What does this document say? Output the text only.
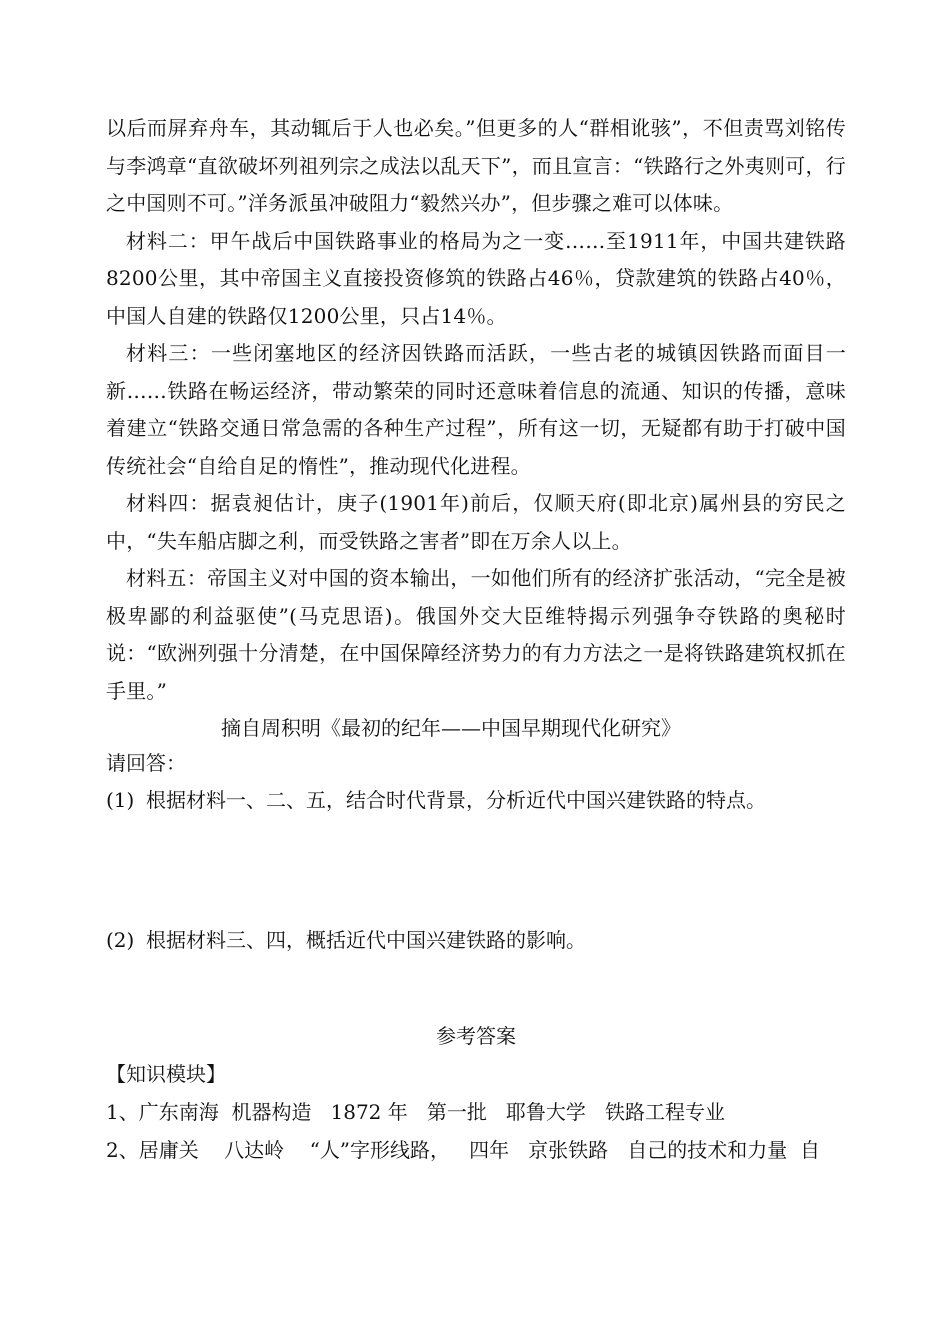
以后而屏弃舟车，其动辄后于人也必矣。”但更多的人“群相讹骇”，不但责骂刘铭传与李鸿章“直欲破坏列祖列宗之成法以乱天下”，而且宣言：“铁路行之外夷则可，行之中国则不可。”洋务派虽冲破阻力“毅然兴办”，但步骤之难可以体味。

材料二：甲午战后中国铁路事业的格局为之一变……至1911年，中国共建铁路8200公里，其中帝国主义直接投资修筑的铁路占46％，贷款建筑的铁路占40％，中国人自建的铁路仅1200公里，只占14％。

材料三：一些闭塞地区的经济因铁路而活跃，一些古老的城镇因铁路而面目一新……铁路在畅运经济，带动繁荣的同时还意味着信息的流通、知识的传播，意味着建立“铁路交通日常急需的各种生产过程”，所有这一切，无疑都有助于打破中国传统社会“自给自足的惰性”，推动现代化进程。

材料四：据袁昶估计，庚子(1901年)前后，仅顺天府(即北京)属州县的穷民之中，“失车船店脚之利，而受铁路之害者”即在万余人以上。

材料五：帝国主义对中国的资本输出，一如他们所有的经济扩张活动，“完全是被极卑鄙的利益驱使”(马克思语)。俄国外交大臣维特揭示列强争夺铁路的奥秘时说：“欧洲列强十分清楚，在中国保障经济势力的有力方法之一是将铁路建筑权抓在手里。”

摘自周积明《最初的纪年——中国早期现代化研究》

请回答：

(1) 根据材料一、二、五，结合时代背景，分析近代中国兴建铁路的特点。
(2) 根据材料三、四，概括近代中国兴建铁路的影响。

参考答案

【知识模块】

1、广东南海  机器构造   1872 年   第一批   耶鲁大学   铁路工程专业

2、居庸关    八达岭    “人”字形线路，   四年   京张铁路   自己的技术和力量  自
